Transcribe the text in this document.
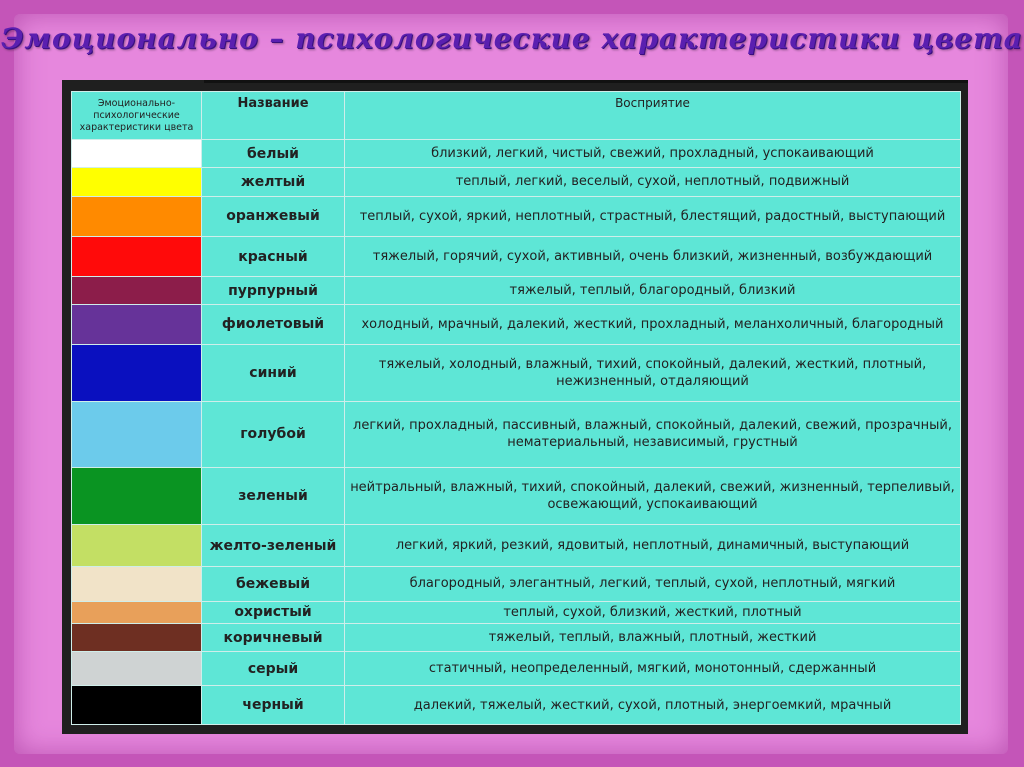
Эмоционально – психологические характеристики цвета
Эмоционально-психологические характеристики цвета	Название	Восприятие
	белый	близкий, легкий, чистый, свежий, прохладный, успокаивающий
	желтый	теплый, легкий, веселый, сухой, неплотный, подвижный
	оранжевый	теплый, сухой, яркий, неплотный, страстный, блестящий, радостный, выступающий
	красный	тяжелый, горячий, сухой, активный, очень близкий, жизненный, возбуждающий
	пурпурный	тяжелый, теплый, благородный, близкий
	фиолетовый	холодный, мрачный, далекий, жесткий, прохладный, меланхоличный, благородный
	синий	тяжелый, холодный, влажный, тихий, спокойный, далекий, жесткий, плотный, нежизненный, отдаляющий
	голубой	легкий, прохладный, пассивный, влажный, спокойный, далекий, свежий, прозрачный, нематериальный, независимый, грустный
	зеленый	нейтральный, влажный, тихий, спокойный, далекий, свежий, жизненный, терпеливый, освежающий, успокаивающий
	желто-зеленый	легкий, яркий, резкий, ядовитый, неплотный, динамичный, выступающий
	бежевый	благородный, элегантный, легкий, теплый, сухой, неплотный, мягкий
	охристый	теплый, сухой, близкий, жесткий, плотный
	коричневый	тяжелый, теплый, влажный, плотный, жесткий
	серый	статичный, неопределенный, мягкий, монотонный, сдержанный
	черный	далекий, тяжелый, жесткий, сухой, плотный, энергоемкий, мрачный
